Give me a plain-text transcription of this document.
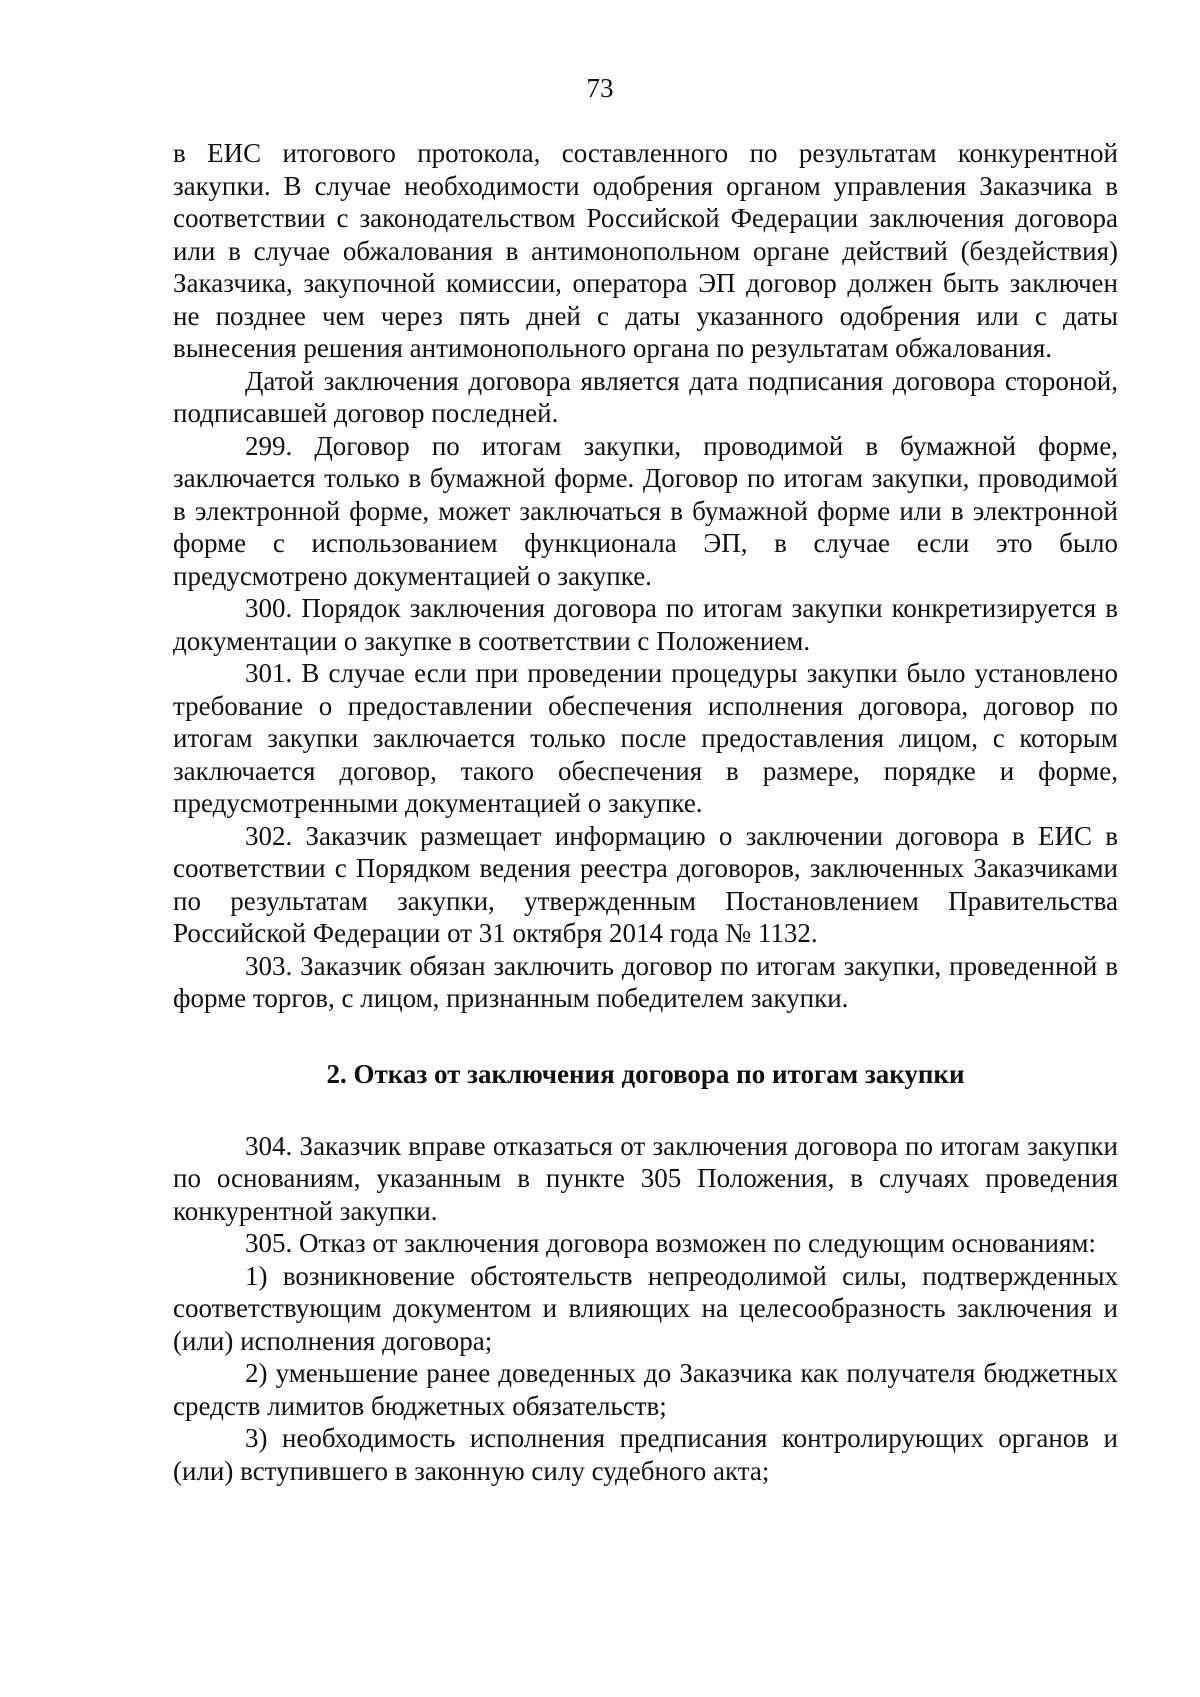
73

в ЕИС итогового протокола, составленного по результатам конкурентной закупки. В случае необходимости одобрения органом управления Заказчика в соответствии с законодательством Российской Федерации заключения договора или в случае обжалования в антимонопольном органе действий (бездействия) Заказчика, закупочной комиссии, оператора ЭП договор должен быть заключен не позднее чем через пять дней с даты указанного одобрения или с даты вынесения решения антимонопольного органа по результатам обжалования.

Датой заключения договора является дата подписания договора стороной, подписавшей договор последней.

299. Договор по итогам закупки, проводимой в бумажной форме, заключается только в бумажной форме. Договор по итогам закупки, проводимой в электронной форме, может заключаться в бумажной форме или в электронной форме с использованием функционала ЭП, в случае если это было предусмотрено документацией о закупке.

300. Порядок заключения договора по итогам закупки конкретизируется в документации о закупке в соответствии с Положением.

301. В случае если при проведении процедуры закупки было установлено требование о предоставлении обеспечения исполнения договора, договор по итогам закупки заключается только после предоставления лицом, с которым заключается договор, такого обеспечения в размере, порядке и форме, предусмотренными документацией о закупке.

302. Заказчик размещает информацию о заключении договора в ЕИС в соответствии с Порядком ведения реестра договоров, заключенных Заказчиками по результатам закупки, утвержденным Постановлением Правительства Российской Федерации от 31 октября 2014 года № 1132.

303. Заказчик обязан заключить договор по итогам закупки, проведенной в форме торгов, с лицом, признанным победителем закупки.

2. Отказ от заключения договора по итогам закупки

304. Заказчик вправе отказаться от заключения договора по итогам закупки по основаниям, указанным в пункте 305 Положения, в случаях проведения конкурентной закупки.

305. Отказ от заключения договора возможен по следующим основаниям:

1) возникновение обстоятельств непреодолимой силы, подтвержденных соответствующим документом и влияющих на целесообразность заключения и (или) исполнения договора;

2) уменьшение ранее доведенных до Заказчика как получателя бюджетных средств лимитов бюджетных обязательств;

3) необходимость исполнения предписания контролирующих органов и (или) вступившего в законную силу судебного акта;
